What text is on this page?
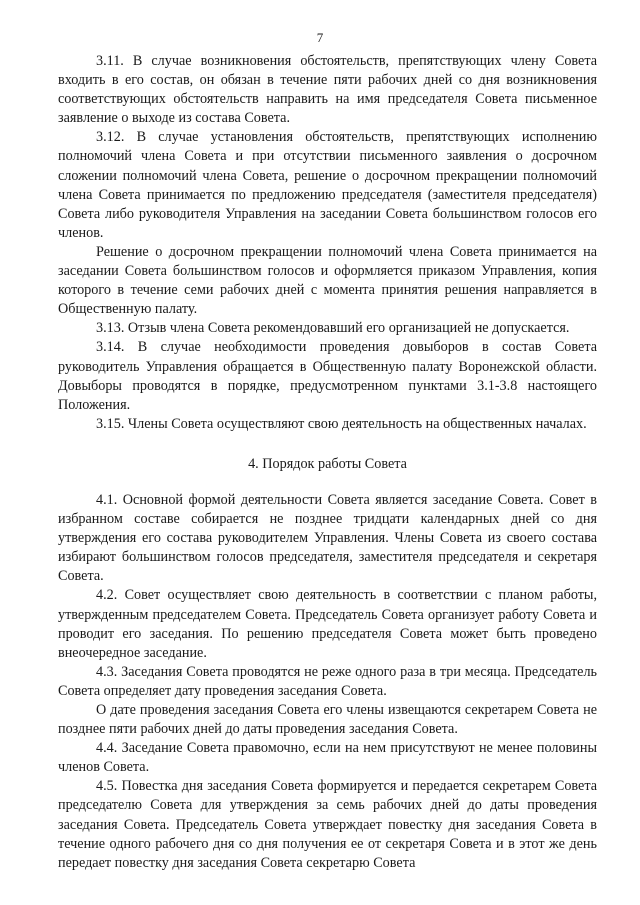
7

3.11. В случае возникновения обстоятельств, препятствующих члену Совета входить в его состав, он обязан в течение пяти рабочих дней со дня возникновения соответствующих обстоятельств направить на имя председателя Совета письменное заявление о выходе из состава Совета.

3.12. В случае установления обстоятельств, препятствующих исполнению полномочий члена Совета и при отсутствии письменного заявления о досрочном сложении полномочий члена Совета, решение о досрочном прекращении полномочий члена Совета принимается по предложению председателя (заместителя председателя) Совета либо руководителя Управления на заседании Совета большинством голосов его членов.

Решение о досрочном прекращении полномочий члена Совета принимается на заседании Совета большинством голосов и оформляется приказом Управления, копия которого в течение семи рабочих дней с момента принятия решения направляется в Общественную палату.

3.13. Отзыв члена Совета рекомендовавший его организацией не допускается.

3.14. В случае необходимости проведения довыборов в состав Совета руководитель Управления обращается в Общественную палату Воронежской области. Довыборы проводятся в порядке, предусмотренном пунктами 3.1-3.8 настоящего Положения.

3.15. Члены Совета осуществляют свою деятельность на общественных началах.

4. Порядок работы Совета

4.1. Основной формой деятельности Совета является заседание Совета. Совет в избранном составе собирается не позднее тридцати календарных дней со дня утверждения его состава руководителем Управления. Члены Совета из своего состава избирают большинством голосов председателя, заместителя председателя и секретаря Совета.

4.2. Совет осуществляет свою деятельность в соответствии с планом работы, утвержденным председателем Совета. Председатель Совета организует работу Совета и проводит его заседания. По решению председателя Совета может быть проведено внеочередное заседание.

4.3. Заседания Совета проводятся не реже одного раза в три месяца. Председатель Совета определяет дату проведения заседания Совета.

О дате проведения заседания Совета его члены извещаются секретарем Совета не позднее пяти рабочих дней до даты проведения заседания Совета.

4.4. Заседание Совета правомочно, если на нем присутствуют не менее половины членов Совета.

4.5. Повестка дня заседания Совета формируется и передается секретарем Совета председателю Совета для утверждения за семь рабочих дней до даты проведения заседания Совета. Председатель Совета утверждает повестку дня заседания Совета в течение одного рабочего дня со дня получения ее от секретаря Совета и в этот же день передает повестку дня заседания Совета секретарю Совета
